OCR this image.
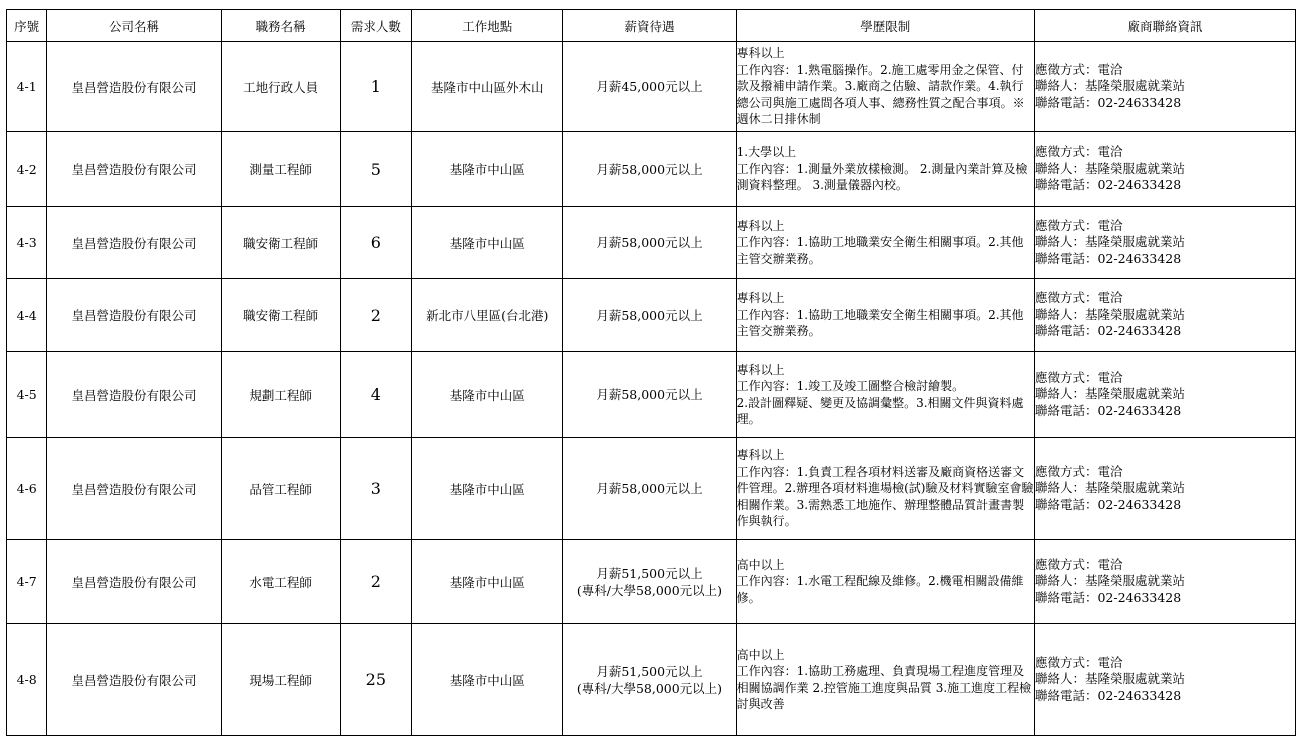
序號	公司名稱	職務名稱	需求人數	工作地點	薪資待遇	學歷限制	廠商聯絡資訊
4-1	皇昌營造股份有限公司	工地行政人員	1	基隆市中山區外木山	月薪45,000元以上	專科以上
工作內容：1.熟電腦操作。2.施工處零用金之保管、付款及撥補申請作業。3.廠商之估驗、請款作業。4.執行總公司與施工處間各項人事、總務性質之配合事項。※週休二日排休制	應徵方式：電洽
聯絡人：基隆榮服處就業站
聯絡電話：02-24633428

4-2	皇昌營造股份有限公司	測量工程師	5	基隆市中山區	月薪58,000元以上	1.大學以上
工作內容：1.測量外業放樣檢測。 2.測量內業計算及檢測資料整理。 3.測量儀器內校。	應徵方式：電洽
聯絡人：基隆榮服處就業站
聯絡電話：02-24633428

4-3	皇昌營造股份有限公司	職安衛工程師	6	基隆市中山區	月薪58,000元以上	專科以上
工作內容：1.協助工地職業安全衛生相關事項。2.其他主管交辦業務。	應徵方式：電洽
聯絡人：基隆榮服處就業站
聯絡電話：02-24633428

4-4	皇昌營造股份有限公司	職安衛工程師	2	新北市八里區(台北港)	月薪58,000元以上	專科以上
工作內容：1.協助工地職業安全衛生相關事項。2.其他主管交辦業務。	應徵方式：電洽
聯絡人：基隆榮服處就業站
聯絡電話：02-24633428

4-5	皇昌營造股份有限公司	規劃工程師	4	基隆市中山區	月薪58,000元以上	專科以上
工作內容：1.竣工及竣工圖整合檢討繪製。
2.設計圖釋疑、變更及協調彙整。3.相關文件與資料處理。	應徵方式：電洽
聯絡人：基隆榮服處就業站
聯絡電話：02-24633428

4-6	皇昌營造股份有限公司	品管工程師	3	基隆市中山區	月薪58,000元以上	專科以上
工作內容：1.負責工程各項材料送審及廠商資格送審文件管理。2.辦理各項材料進場檢(試)驗及材料實驗室會驗相關作業。3.需熟悉工地施作、辦理整體品質計畫書製作與執行。	應徵方式：電洽
聯絡人：基隆榮服處就業站
聯絡電話：02-24633428

4-7	皇昌營造股份有限公司	水電工程師	2	基隆市中山區	月薪51,500元以上
(專科/大學58,000元以上)	高中以上
工作內容：1.水電工程配線及維修。2.機電相關設備維修。	應徵方式：電洽
聯絡人：基隆榮服處就業站
聯絡電話：02-24633428

4-8	皇昌營造股份有限公司	現場工程師	25	基隆市中山區	月薪51,500元以上
(專科/大學58,000元以上)	高中以上
工作內容：1.協助工務處理、負責現場工程進度管理及相關協調作業 2.控管施工進度與品質 3.施工進度工程檢討與改善	應徵方式：電洽
聯絡人：基隆榮服處就業站
聯絡電話：02-24633428
